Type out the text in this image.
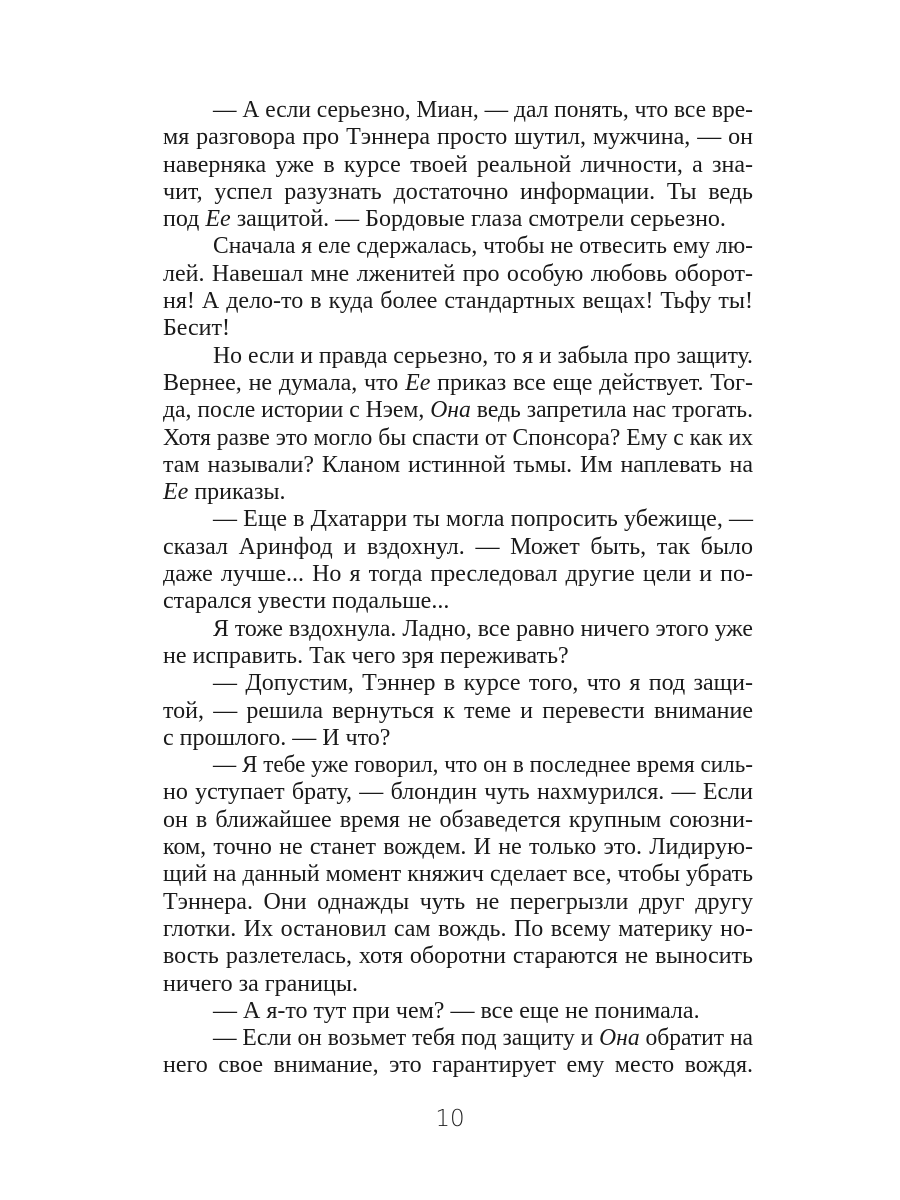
— А если серьезно, Миан, — дал понять, что все вре-
мя разговора про Тэннера просто шутил, мужчина, — он
наверняка уже в курсе твоей реальной личности, а зна-
чит, успел разузнать достаточно информации. Ты ведь
под Ее защитой. — Бордовые глаза смотрели серьезно.
Сначала я еле сдержалась, чтобы не отвесить ему лю-
лей. Навешал мне лженитей про особую любовь оборот-
ня! А дело-то в куда более стандартных вещах! Тьфу ты!
Бесит!
Но если и правда серьезно, то я и забыла про защиту.
Вернее, не думала, что Ее приказ все еще действует. Тог-
да, после истории с Нэем, Она ведь запретила нас трогать.
Хотя разве это могло бы спасти от Спонсора? Ему с как их
там называли? Кланом истинной тьмы. Им наплевать на
Ее приказы.
— Еще в Дхатарри ты могла попросить убежище, —
сказал Аринфод и вздохнул. — Может быть, так было
даже лучше... Но я тогда преследовал другие цели и по-
старался увести подальше...
Я тоже вздохнула. Ладно, все равно ничего этого уже
не исправить. Так чего зря переживать?
— Допустим, Тэннер в курсе того, что я под защи-
той, — решила вернуться к теме и перевести внимание
с прошлого. — И что?
— Я тебе уже говорил, что он в последнее время силь-
но уступает брату, — блондин чуть нахмурился. — Если
он в ближайшее время не обзаведется крупным союзни-
ком, точно не станет вождем. И не только это. Лидирую-
щий на данный момент княжич сделает все, чтобы убрать
Тэннера. Они однажды чуть не перегрызли друг другу
глотки. Их остановил сам вождь. По всему материку но-
вость разлетелась, хотя оборотни стараются не выносить
ничего за границы.
— А я-то тут при чем? — все еще не понимала.
— Если он возьмет тебя под защиту и Она обратит на
него свое внимание, это гарантирует ему место вождя.
10
